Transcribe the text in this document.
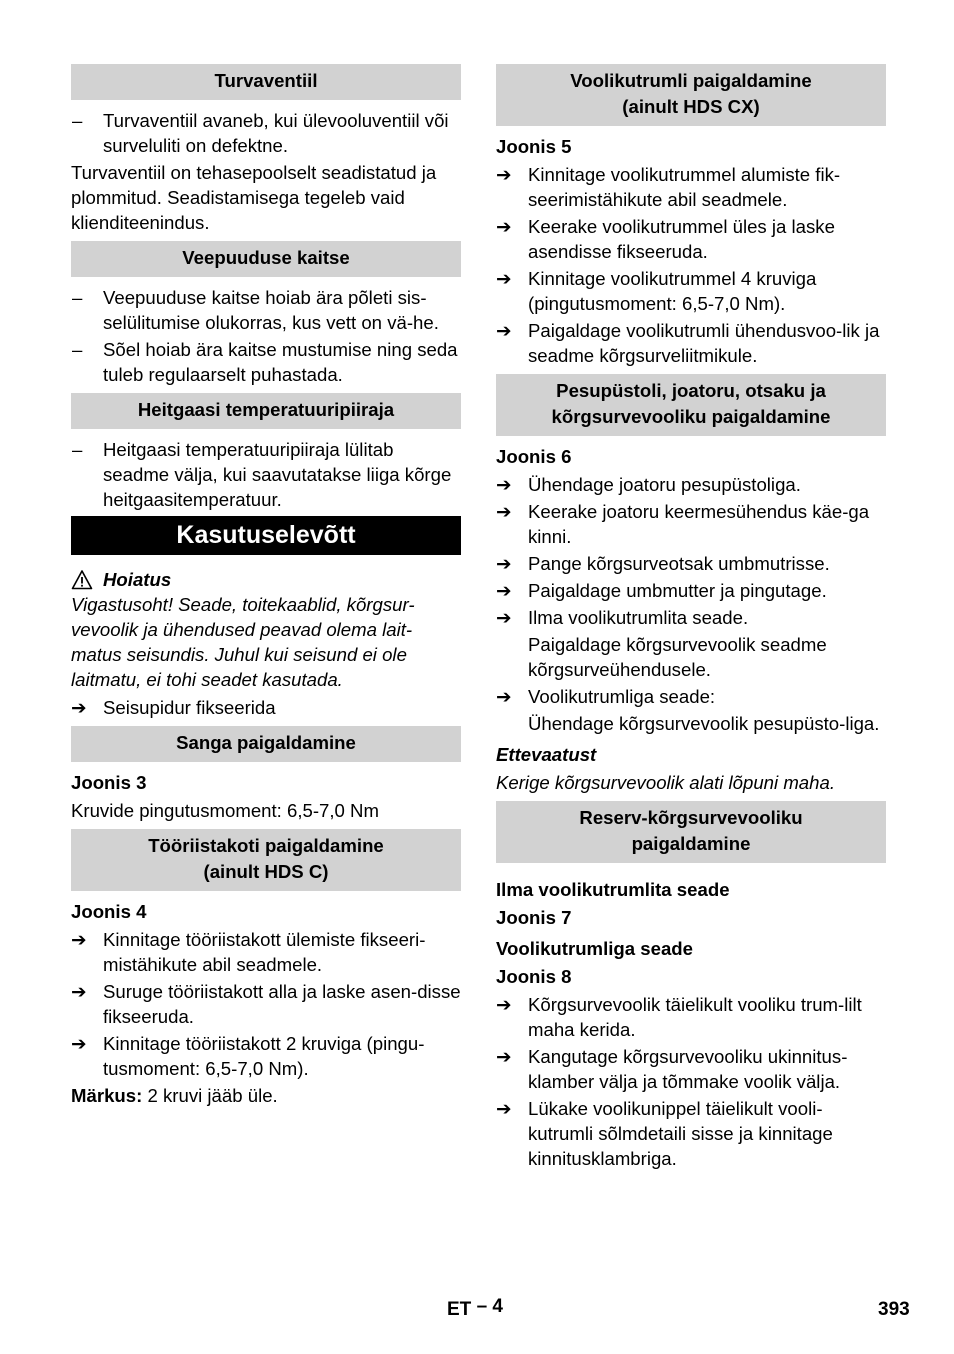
Turvaventiil
–	Turvaventiil avaneb, kui ülevooluventiil või surveluliti on defektne.

Turvaventiil on tehasepoolselt seadistatud ja plommitud. Seadistamisega tegeleb vaid klienditeenindus.

Veepuuduse kaitse
–	Veepuuduse kaitse hoiab ära põleti sis-selülitumise olukorras, kus vett on vä-he.
–	Sõel hoiab ära kaitse mustumise ning seda tuleb regulaarselt puhastada.
Heitgaasi temperatuuripiiraja
–	Heitgaasi temperatuuripiiraja lülitab seadme välja, kui saavutatakse liiga kõrge heitgaasitemperatuur.
Kasutuselevõtt
Hoiatus

Vigastusoht! Seade, toitekaablid, kõrgsur-vevoolik ja ühendused peavad olema lait-matus seisundis. Juhul kui seisund ei ole laitmatu, ei tohi seadet kasutada.

➔ Seisupidur fikseerida
Sanga paigaldamine

Joonis 3

Kruvide pingutusmoment: 6,5-7,0 Nm

Tööriistakoti paigaldamine
(ainult HDS C)

Joonis 4

➔ Kinnitage tööriistakott ülemiste fikseeri-mistähikute abil seadmele.
➔ Suruge tööriistakott alla ja laske asen-disse fikseeruda.
➔ Kinnitage tööriistakott 2 kruviga (pingu-tusmoment: 6,5-7,0 Nm).

Märkus: 2 kruvi jääb üle.

Voolikutrumli paigaldamine
(ainult HDS CX)

Joonis 5

➔ Kinnitage voolikutrummel alumiste fik-seerimistähikute abil seadmele.
➔ Keerake voolikutrummel üles ja laske asendisse fikseeruda.
➔ Kinnitage voolikutrummel 4 kruviga (pingutusmoment: 6,5-7,0 Nm).
➔ Paigaldage voolikutrumli ühendusvoo-lik ja seadme kõrgsurveliitmikule.
Pesupüstoli, joatoru, otsaku ja
kõrgsurvevooliku paigaldamine

Joonis 6

➔ Ühendage joatoru pesupüstoliga.
➔ Keerake joatoru keermesühendus käe-ga kinni.
➔ Pange kõrgsurveotsak umbmutrisse.
➔ Paigaldage umbmutter ja pingutage.
➔ Ilma voolikutrumlita seade.

Paigaldage kõrgsurvevoolik seadme kõrgsurveühendusele.

➔ Voolikutrumliga seade:

Ühendage kõrgsurvevoolik pesupüsto-liga.

Ettevaatust

Kerige kõrgsurvevoolik alati lõpuni maha.

Reserv-kõrgsurvevooliku
paigaldamine

Ilma voolikutrumlita seade

Joonis 7

Voolikutrumliga seade

Joonis 8

➔ Kõrgsurvevoolik täielikult vooliku trum-lilt maha kerida.
➔ Kangutage kõrgsurvevooliku ukinnitus-klamber välja ja tõmmake voolik välja.
➔ Lükake voolikunippel täielikult vooli-kutrumli sõlmdetaili sisse ja kinnitage kinnitusklambriga.
ET – 4	393
